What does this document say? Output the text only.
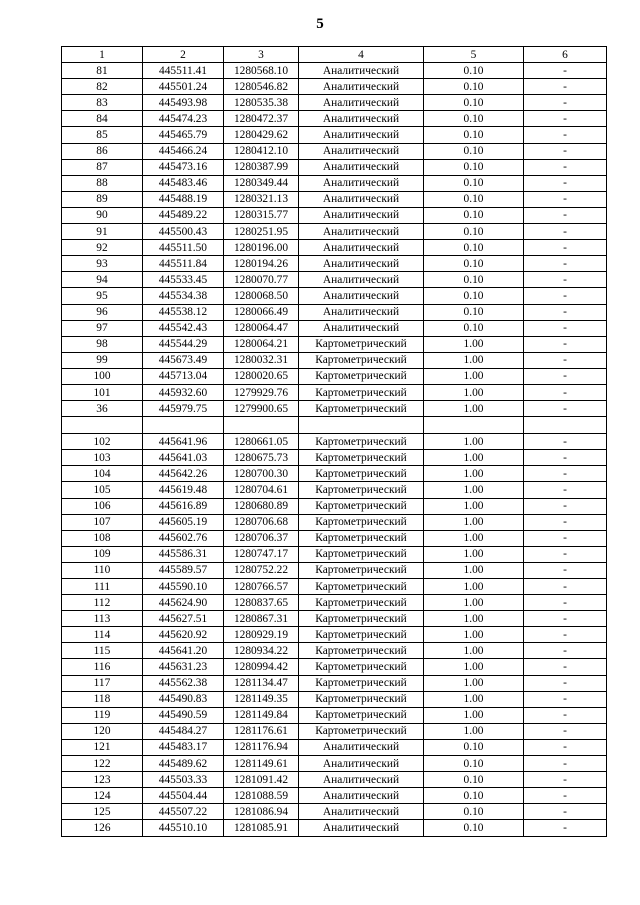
5
1	2	3	4	5	6
81	445511.41	1280568.10	Аналитический	0.10	-
82	445501.24	1280546.82	Аналитический	0.10	-
83	445493.98	1280535.38	Аналитический	0.10	-
84	445474.23	1280472.37	Аналитический	0.10	-
85	445465.79	1280429.62	Аналитический	0.10	-
86	445466.24	1280412.10	Аналитический	0.10	-
87	445473.16	1280387.99	Аналитический	0.10	-
88	445483.46	1280349.44	Аналитический	0.10	-
89	445488.19	1280321.13	Аналитический	0.10	-
90	445489.22	1280315.77	Аналитический	0.10	-
91	445500.43	1280251.95	Аналитический	0.10	-
92	445511.50	1280196.00	Аналитический	0.10	-
93	445511.84	1280194.26	Аналитический	0.10	-
94	445533.45	1280070.77	Аналитический	0.10	-
95	445534.38	1280068.50	Аналитический	0.10	-
96	445538.12	1280066.49	Аналитический	0.10	-
97	445542.43	1280064.47	Аналитический	0.10	-
98	445544.29	1280064.21	Картометрический	1.00	-
99	445673.49	1280032.31	Картометрический	1.00	-
100	445713.04	1280020.65	Картометрический	1.00	-
101	445932.60	1279929.76	Картометрический	1.00	-
36	445979.75	1279900.65	Картометрический	1.00	-

102	445641.96	1280661.05	Картометрический	1.00	-
103	445641.03	1280675.73	Картометрический	1.00	-
104	445642.26	1280700.30	Картометрический	1.00	-
105	445619.48	1280704.61	Картометрический	1.00	-
106	445616.89	1280680.89	Картометрический	1.00	-
107	445605.19	1280706.68	Картометрический	1.00	-
108	445602.76	1280706.37	Картометрический	1.00	-
109	445586.31	1280747.17	Картометрический	1.00	-
110	445589.57	1280752.22	Картометрический	1.00	-
111	445590.10	1280766.57	Картометрический	1.00	-
112	445624.90	1280837.65	Картометрический	1.00	-
113	445627.51	1280867.31	Картометрический	1.00	-
114	445620.92	1280929.19	Картометрический	1.00	-
115	445641.20	1280934.22	Картометрический	1.00	-
116	445631.23	1280994.42	Картометрический	1.00	-
117	445562.38	1281134.47	Картометрический	1.00	-
118	445490.83	1281149.35	Картометрический	1.00	-
119	445490.59	1281149.84	Картометрический	1.00	-
120	445484.27	1281176.61	Картометрический	1.00	-
121	445483.17	1281176.94	Аналитический	0.10	-
122	445489.62	1281149.61	Аналитический	0.10	-
123	445503.33	1281091.42	Аналитический	0.10	-
124	445504.44	1281088.59	Аналитический	0.10	-
125	445507.22	1281086.94	Аналитический	0.10	-
126	445510.10	1281085.91	Аналитический	0.10	-
